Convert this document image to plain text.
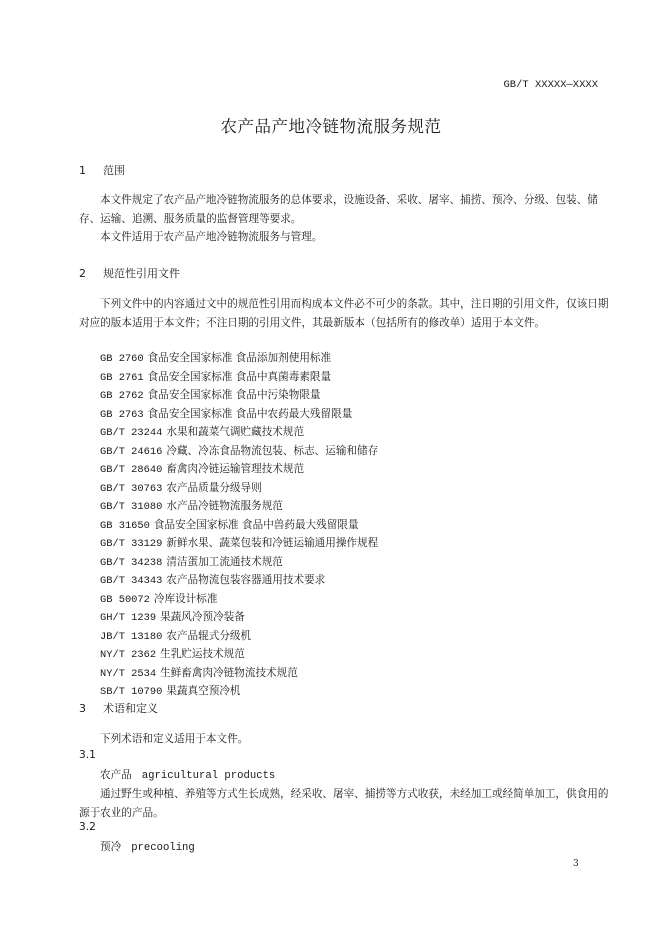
GB/T XXXXX—XXXX
农产品产地冷链物流服务规范
1 范围
本文件规定了农产品产地冷链物流服务的总体要求，设施设备、采收、屠宰、捕捞、预冷、分级、包装、储存、运输、追溯、服务质量的监督管理等要求。
本文件适用于农产品产地冷链物流服务与管理。
2 规范性引用文件
下列文件中的内容通过文中的规范性引用而构成本文件必不可少的条款。其中，注日期的引用文件，仅该日期对应的版本适用于本文件；不注日期的引用文件，其最新版本（包括所有的修改单）适用于本文件。
GB 2760 食品安全国家标准 食品添加剂使用标准
GB 2761 食品安全国家标准 食品中真菌毒素限量
GB 2762 食品安全国家标准 食品中污染物限量
GB 2763 食品安全国家标准 食品中农药最大残留限量
GB/T 23244 水果和蔬菜气调贮藏技术规范
GB/T 24616 冷藏、冷冻食品物流包装、标志、运输和储存
GB/T 28640 畜禽肉冷链运输管理技术规范
GB/T 30763 农产品质量分级导则
GB/T 31080 水产品冷链物流服务规范
GB 31650 食品安全国家标准 食品中兽药最大残留限量
GB/T 33129 新鲜水果、蔬菜包装和冷链运输通用操作规程
GB/T 34238 清洁蛋加工流通技术规范
GB/T 34343 农产品物流包装容器通用技术要求
GB 50072 冷库设计标准
GH/T 1239 果蔬风冷预冷装备
JB/T 13180 农产品辊式分级机
NY/T 2362 生乳贮运技术规范
NY/T 2534 生鲜畜禽肉冷链物流技术规范
SB/T 10790 果蔬真空预冷机
3 术语和定义
下列术语和定义适用于本文件。
3.1
农产品 agricultural products
通过野生或种植、养殖等方式生长成熟，经采收、屠宰、捕捞等方式收获，未经加工或经简单加工，供食用的源于农业的产品。
3.2
预冷 precooling
3
